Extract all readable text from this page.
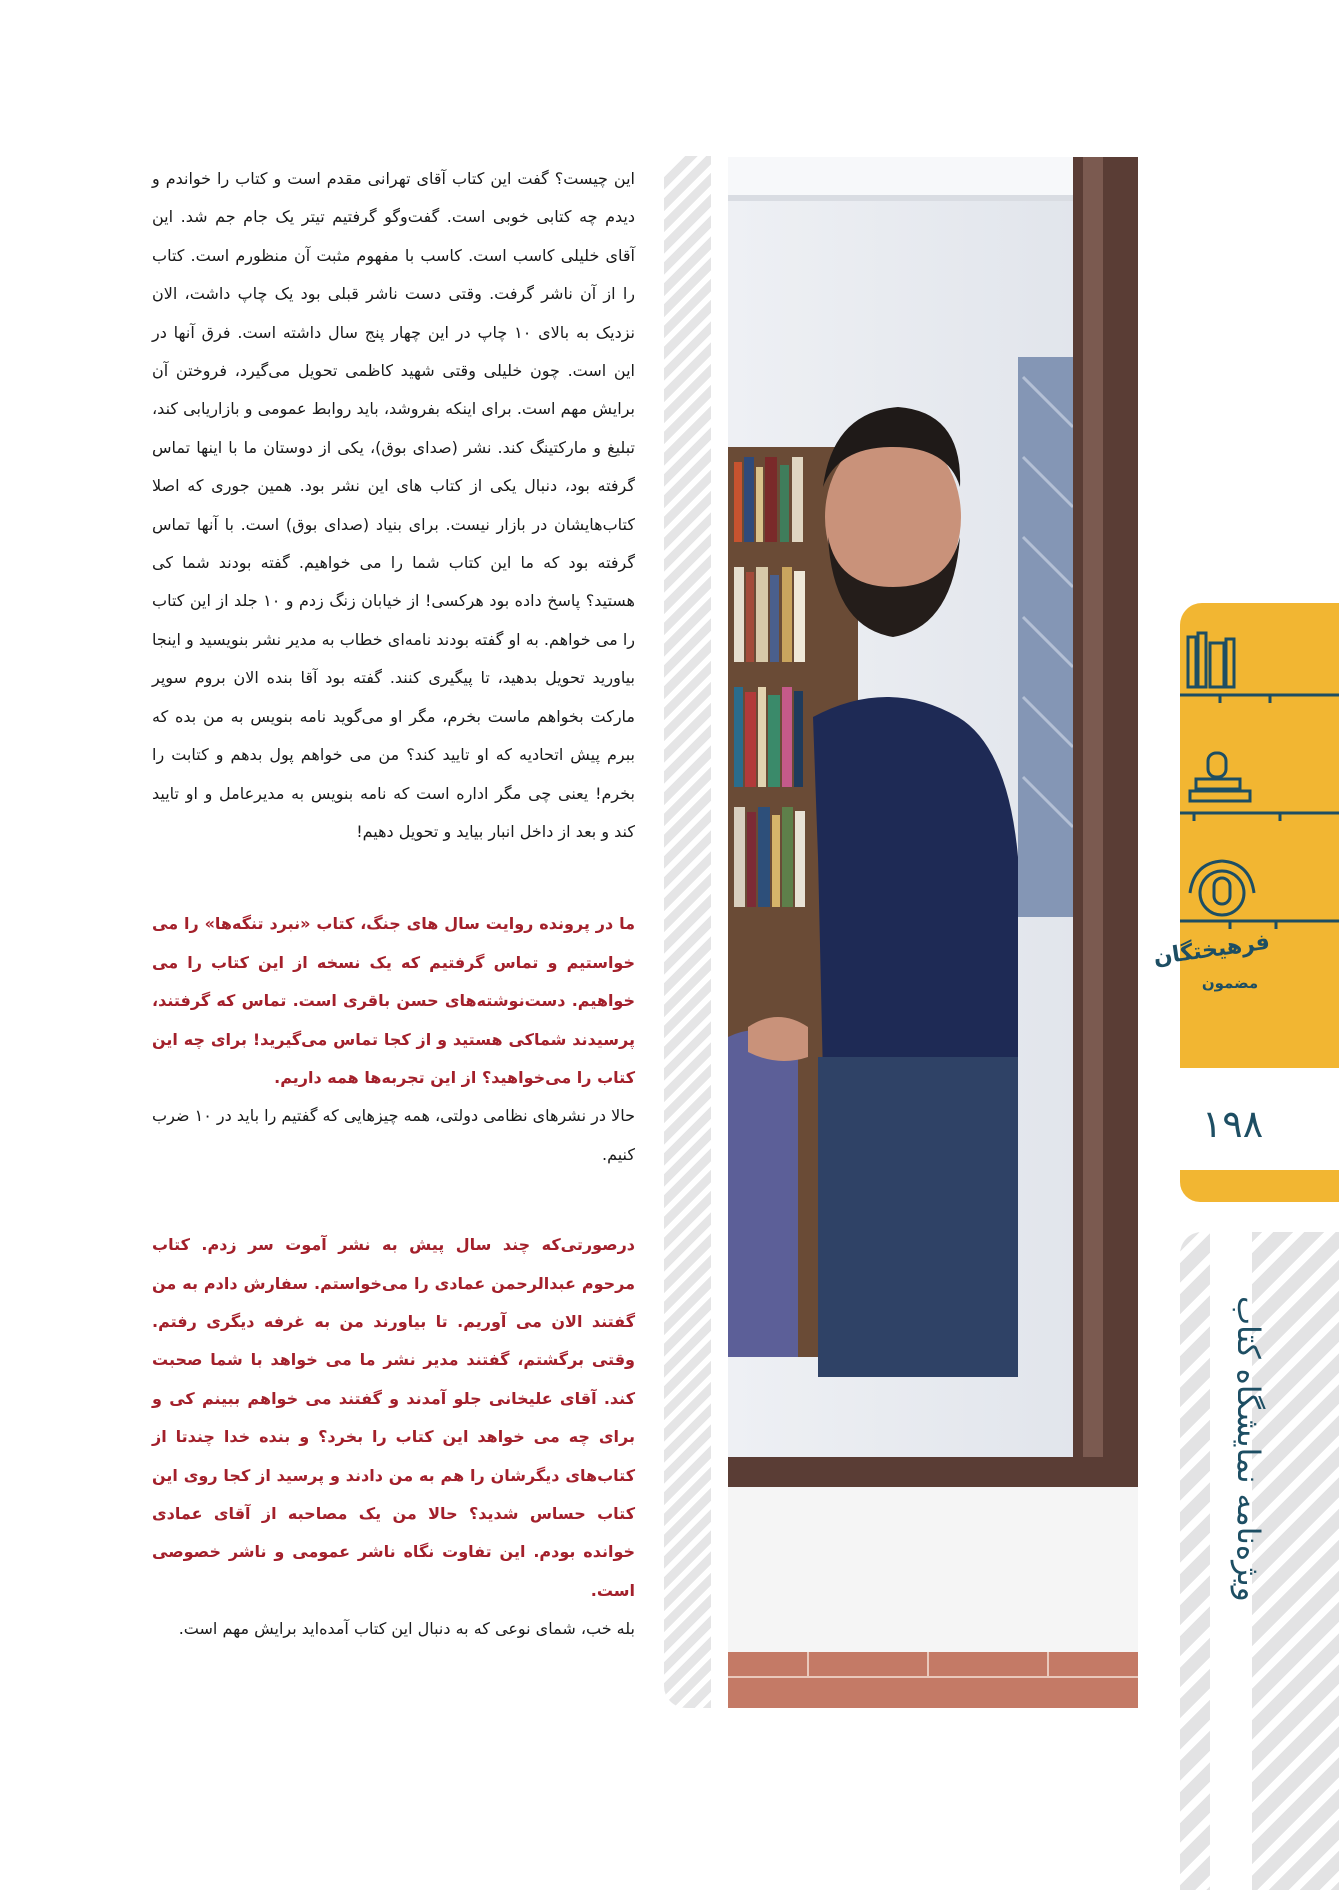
این چیست؟ گفت این کتاب آقای تهرانی مقدم است و کتاب را خواندم و دیدم چه کتابی خوبی است. گفت‌وگو گرفتیم تیتر یک جام جم شد. این آقای خلیلی کاسب است. کاسب با مفهوم مثبت آن منظورم است. کتاب را از آن ناشر گرفت. وقتی دست ناشر قبلی بود یک چاپ داشت، الان نزدیک به بالای ۱۰ چاپ در این چهار پنج سال داشته است. فرق آنها در این است. چون خلیلی وقتی شهید کاظمی تحویل می‌گیرد، فروختن آن برایش مهم است. برای اینکه بفروشد، باید روابط عمومی و بازاریابی کند، تبلیغ و مارکتینگ کند. نشر (صدای بوق)، یکی از دوستان ما با اینها تماس گرفته بود، دنبال یکی از کتاب های این نشر بود. همین جوری که اصلا کتاب‌هایشان در بازار نیست. برای بنیاد (صدای بوق) است. با آنها تماس گرفته بود که ما این کتاب شما را می خواهیم. گفته بودند شما کی هستید؟ پاسخ داده بود هرکسی! از خیابان زنگ زدم و ۱۰ جلد از این کتاب را می خواهم. به او گفته بودند نامه‌ای خطاب به مدیر نشر بنویسید و اینجا بیاورید تحویل بدهید، تا پیگیری کنند. گفته بود آقا بنده الان بروم سوپر مارکت بخواهم ماست بخرم، مگر او می‌گوید نامه بنویس به من بده که ببرم پیش اتحادیه که او تایید کند؟ من می خواهم پول بدهم و کتابت را بخرم! یعنی چی مگر اداره است که نامه بنویس به مدیرعامل و او تایید کند و بعد از داخل انبار بیاید و تحویل دهیم!

ما در پرونده روایت سال های جنگ، کتاب «نبرد تنگه‌ها» را می خواستیم و تماس گرفتیم که یک نسخه از این کتاب را می خواهیم. دست‌نوشته‌های حسن باقری است. تماس که گرفتند، پرسیدند شماکی هستید و از کجا تماس می‌گیرید! برای چه این کتاب را می‌خواهید؟ از این تجربه‌ها همه داریم.

حالا در نشرهای نظامی دولتی، همه چیزهایی که گفتیم را باید در ۱۰ ضرب کنیم.

درصورتی‌که چند سال پیش به نشر آموت سر زدم. کتاب مرحوم عبدالرحمن عمادی را می‌خواستم. سفارش دادم به من گفتند الان می آوریم. تا بیاورند من به غرفه دیگری رفتم. وقتی برگشتم، گفتند مدیر نشر ما می خواهد با شما صحبت کند. آقای علیخانی جلو آمدند و گفتند می خواهم ببینم کی و برای چه می خواهد این کتاب را بخرد؟ و بنده خدا چندتا از کتاب‌های دیگرشان را هم به من دادند و پرسید از کجا روی این کتاب حساس شدید؟ حالا من یک مصاحبه از آقای عمادی خوانده بودم. این تفاوت نگاه ناشر عمومی و ناشر خصوصی است.

بله خب، شمای نوعی که به دنبال این کتاب آمده‌اید برایش مهم است.

فرهیختگان
مضمون
۱۹۸
ویژه‌نامه نمایشگاه کتاب
